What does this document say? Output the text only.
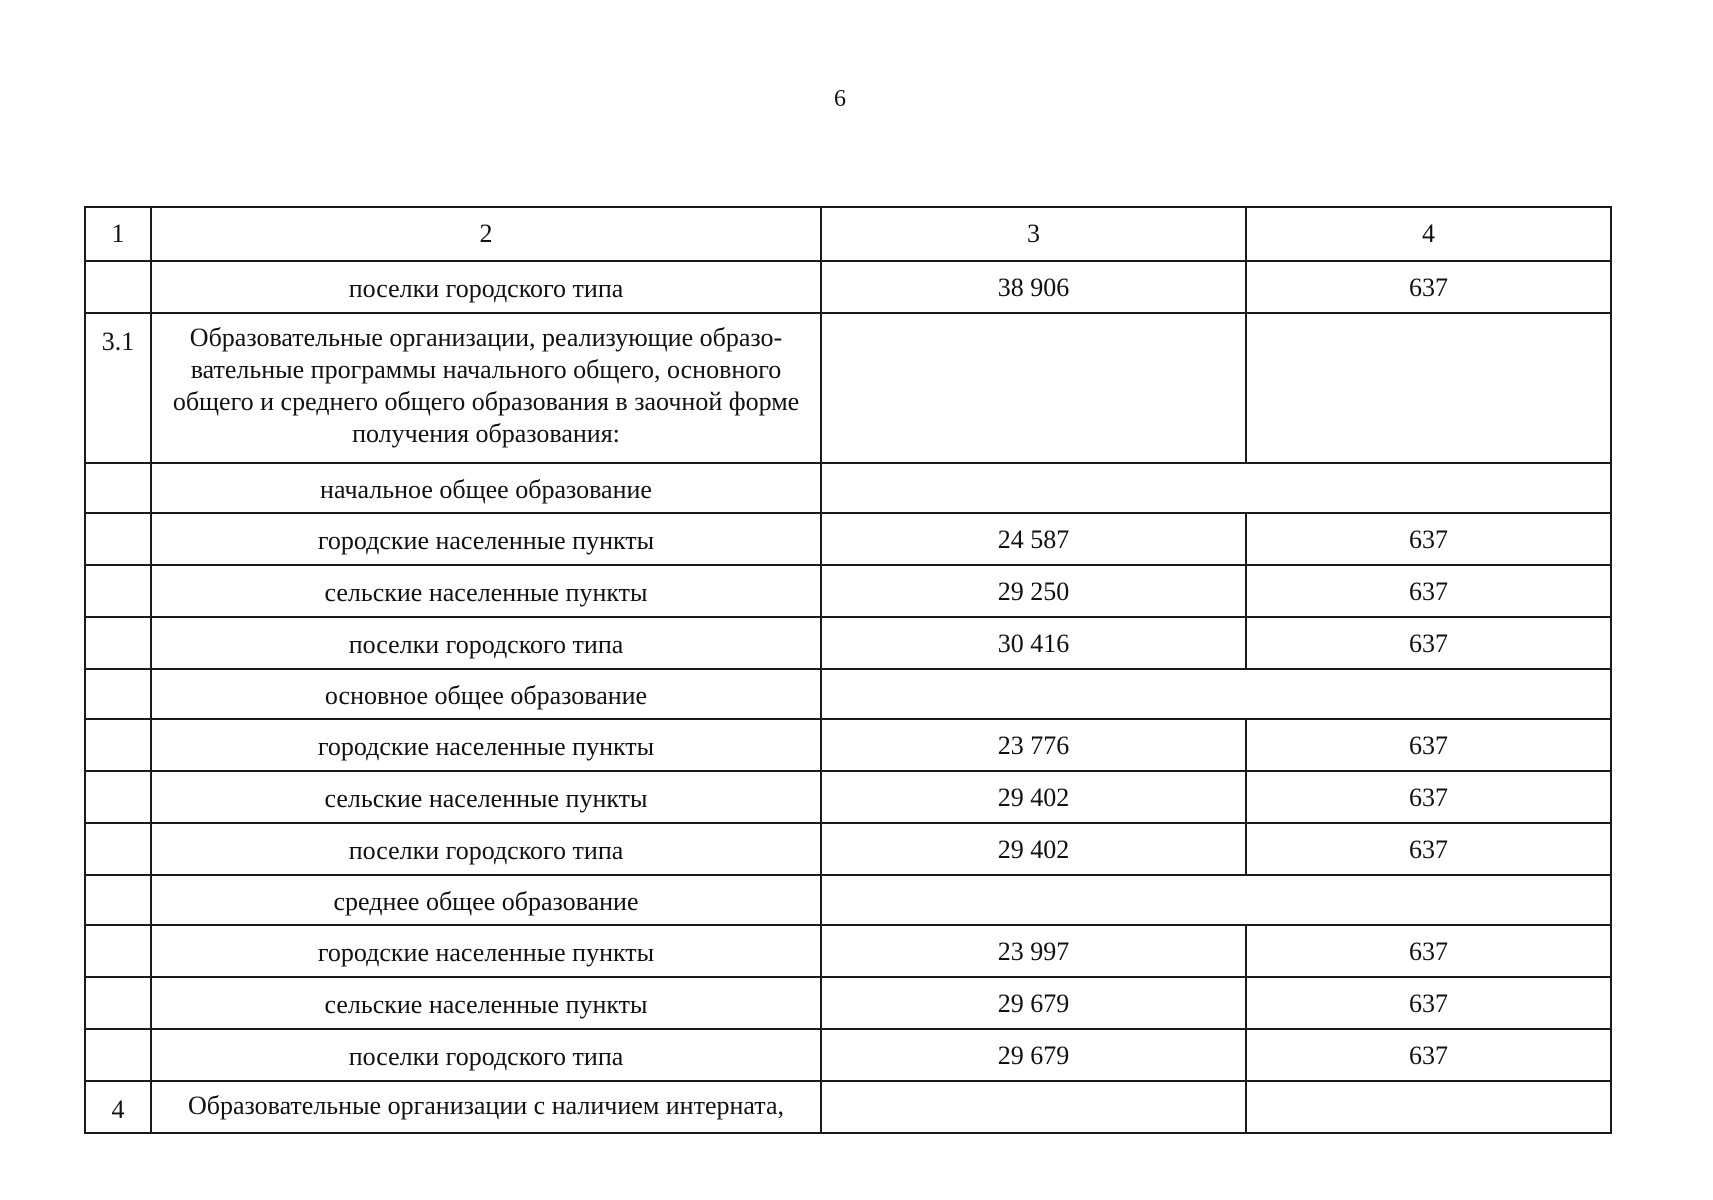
6
1	2	3	4
	поселки городского типа	38 906	637
3.1	Образовательные организации, реализующие образо-вательные программы начального общего, основного общего и среднего общего образования в заочной форме получения образования:		
	начальное общее образование		
	городские населенные пункты	24 587	637
	сельские населенные пункты	29 250	637
	поселки городского типа	30 416	637
	основное общее образование		
	городские населенные пункты	23 776	637
	сельские населенные пункты	29 402	637
	поселки городского типа	29 402	637
	среднее общее образование		
	городские населенные пункты	23 997	637
	сельские населенные пункты	29 679	637
	поселки городского типа	29 679	637
4	Образовательные организации с наличием интерната,		
